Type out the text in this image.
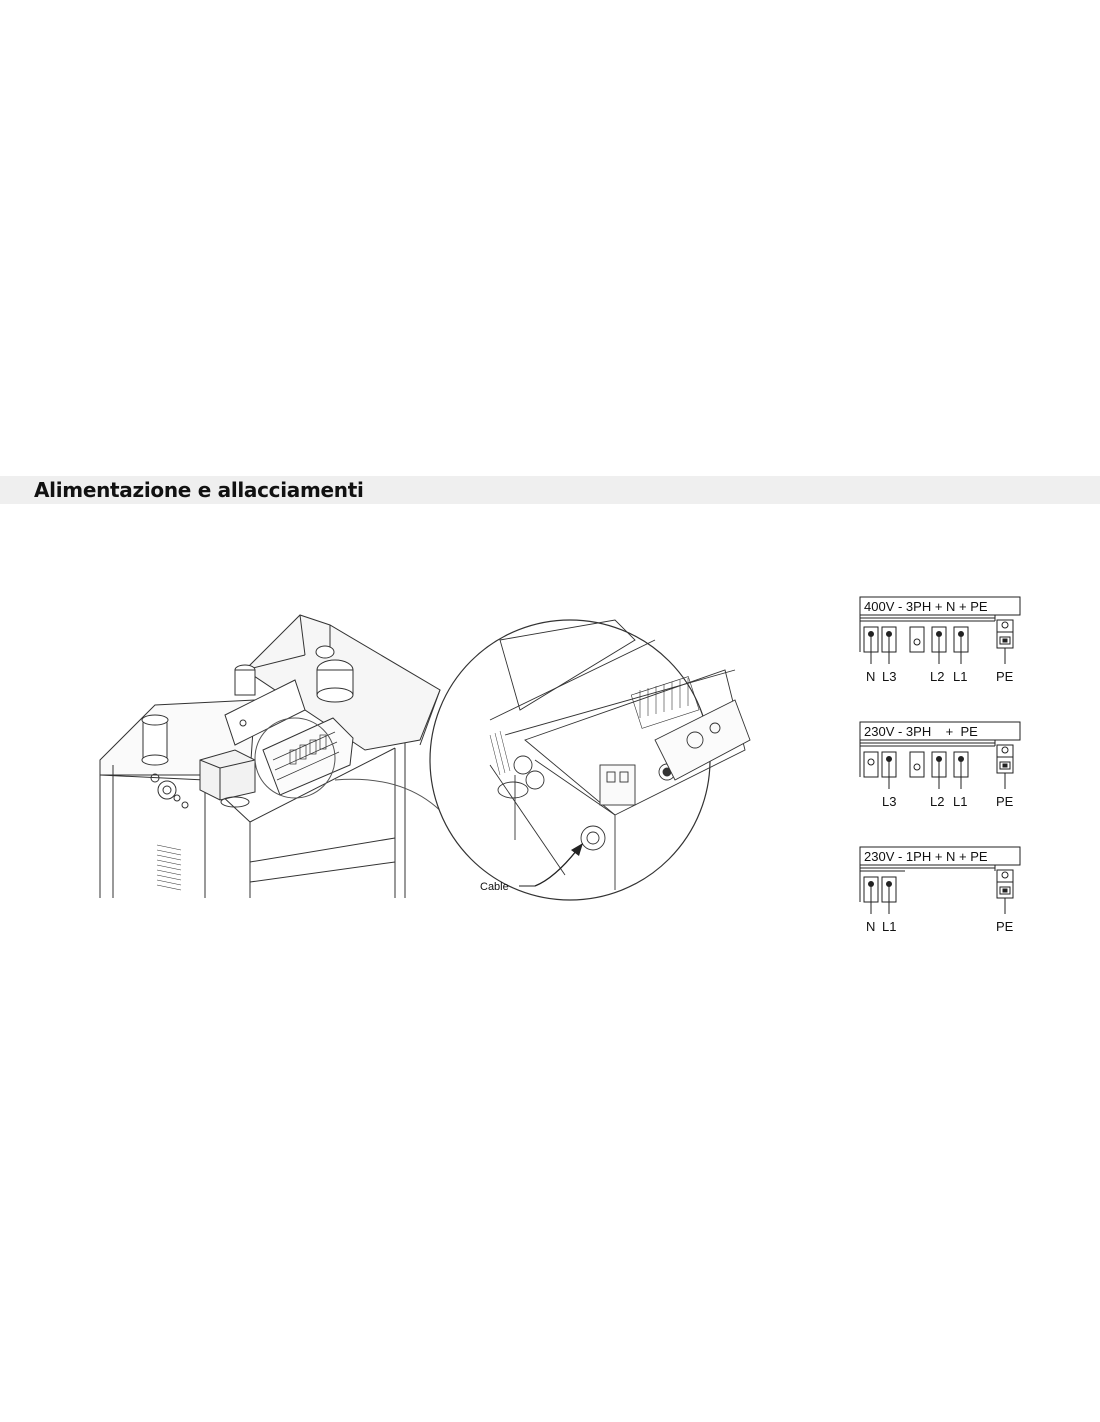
Alimentazione e allacciamenti
Cable
400V - 3PH + N + PE
230V - 3PH    +  PE
230V - 1PH + N + PE
N L3	L2 L1 PE
L3	L2 L1 PE
N L1	PE
